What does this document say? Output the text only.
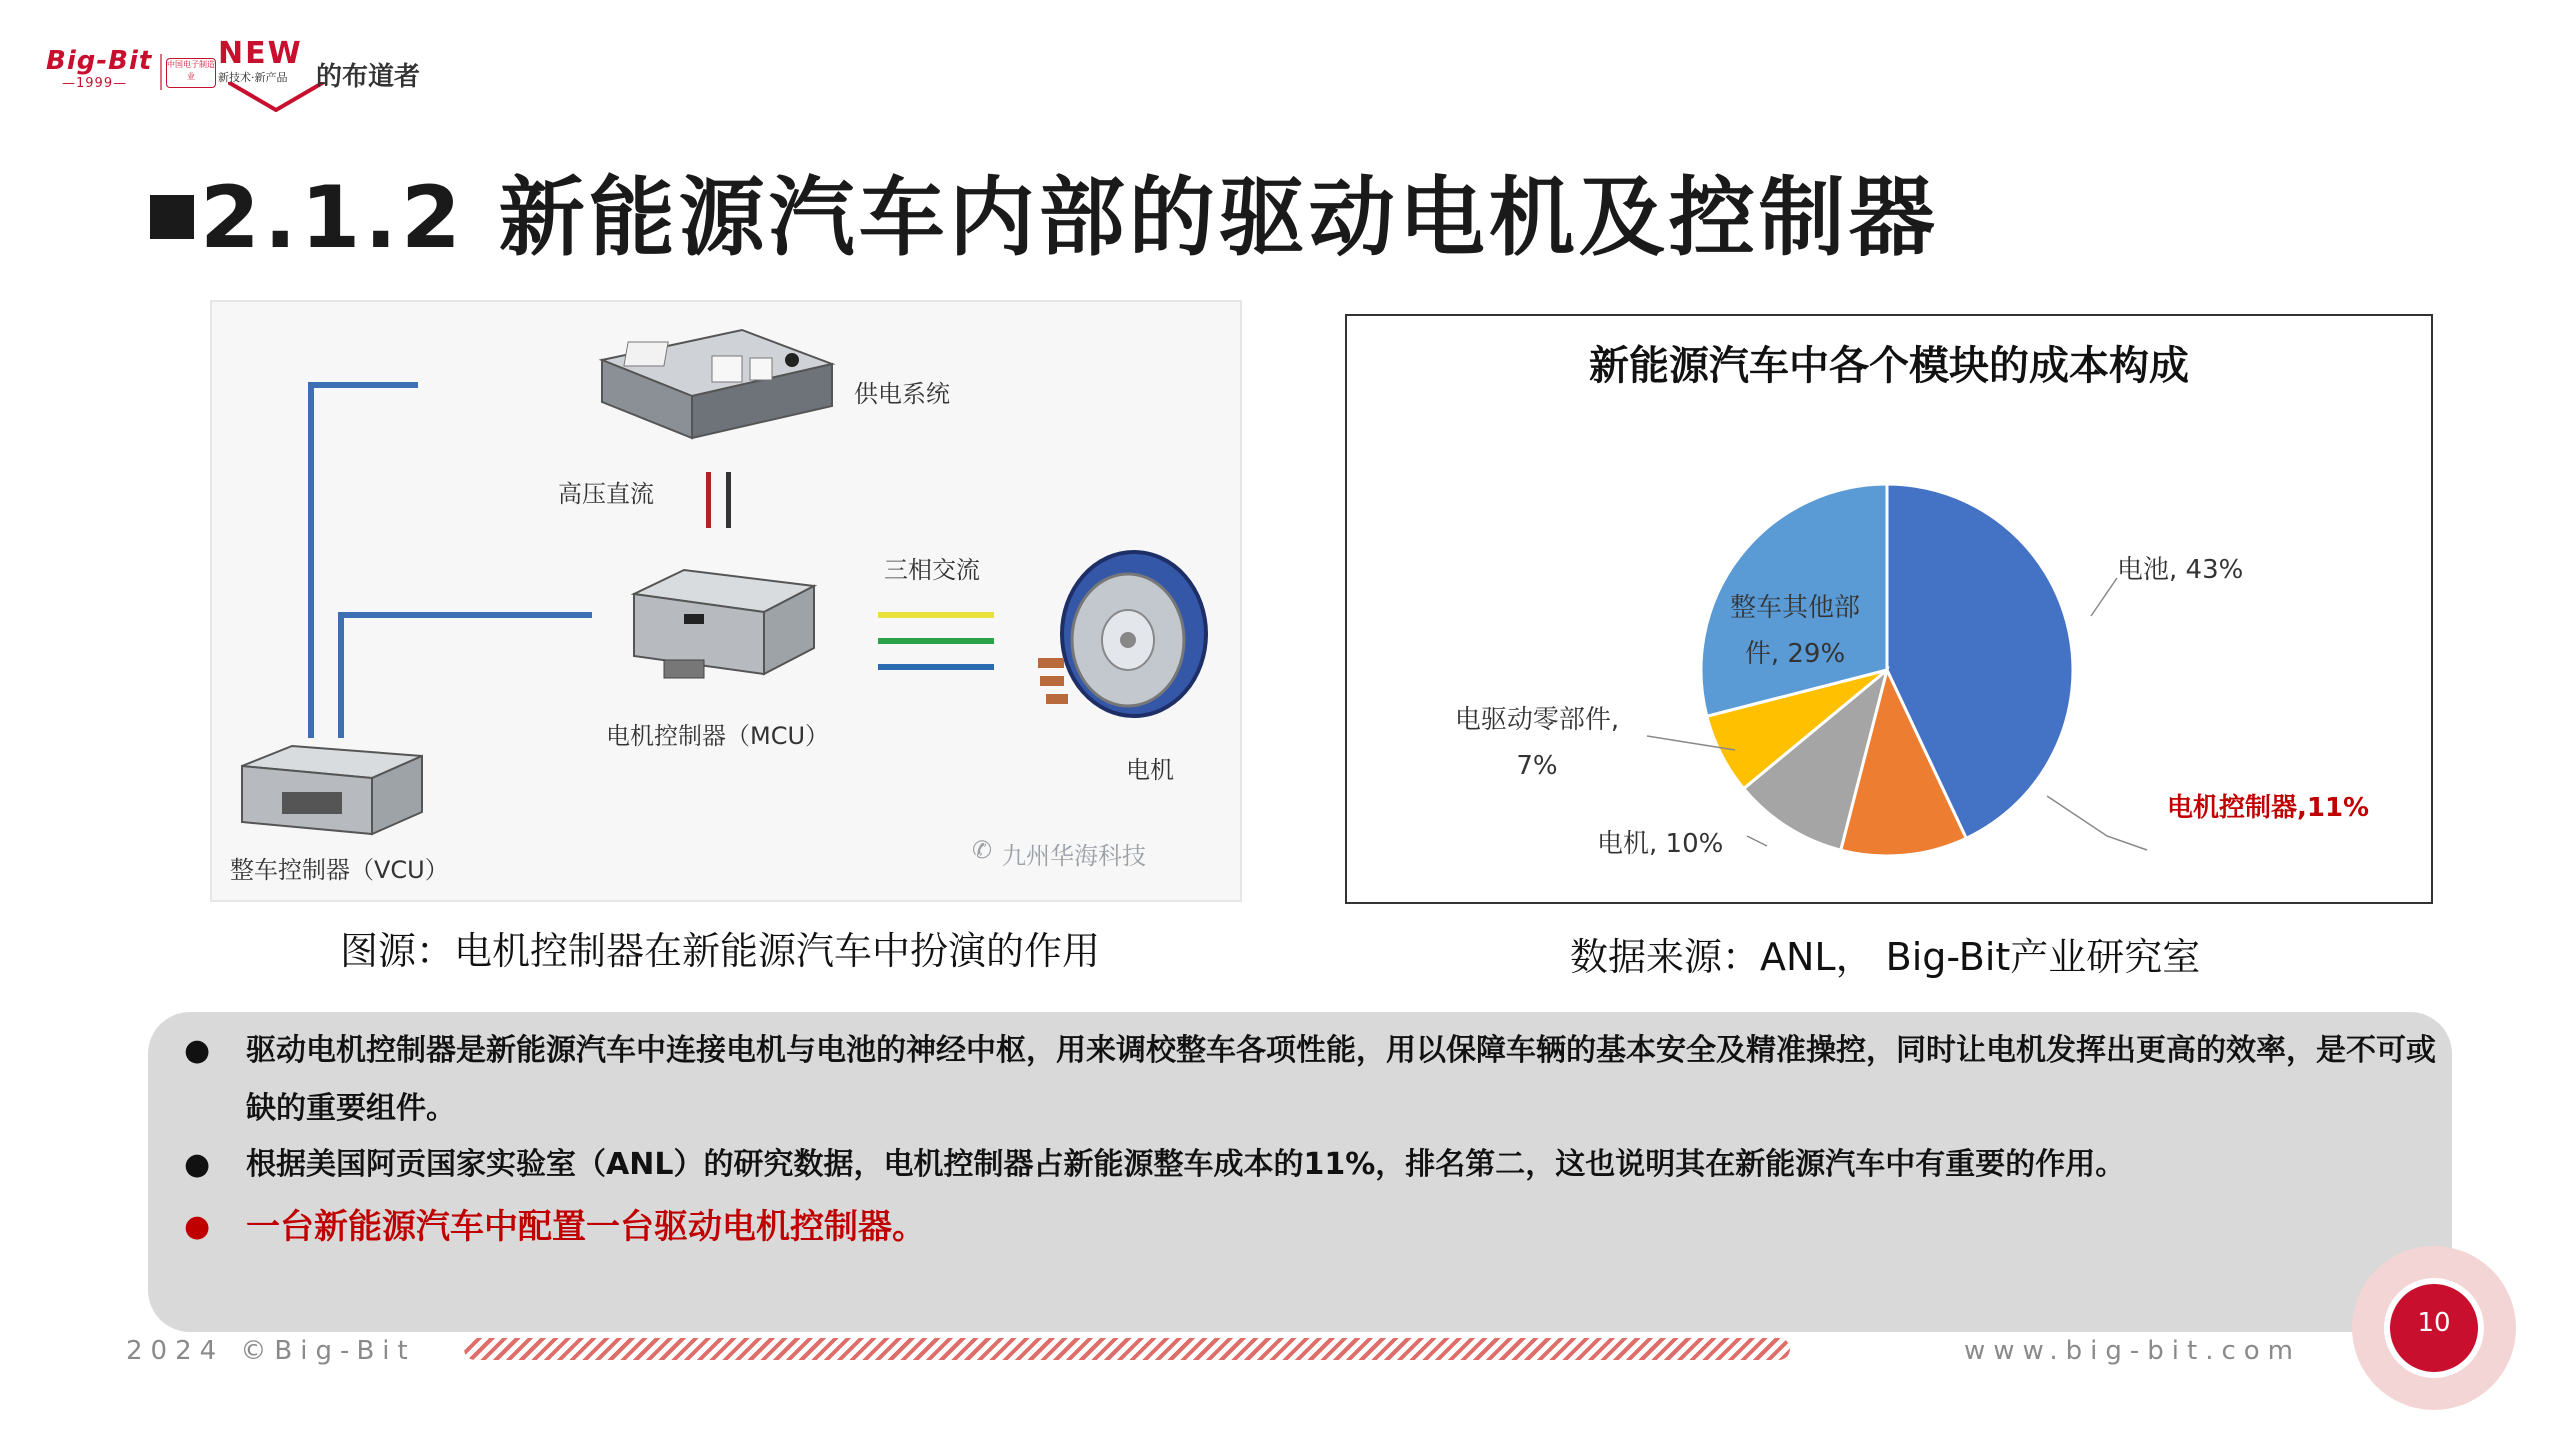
Big-Bit
—1999—
中国电子制造业
NEW
新技术·新产品	的布道者
2.1.2 新能源汽车内部的驱动电机及控制器
供电系统
高压直流
三相交流
电机控制器（MCU）
电机
整车控制器（VCU）	九州华海科技
✆
图源：电机控制器在新能源汽车中扮演的作用
新能源汽车中各个模块的成本构成
电池, 43%
电机控制器,11%
电机, 10%
电驱动零部件,
7%
整车其他部
件, 29%
数据来源：ANL， Big-Bit产业研究室
● 驱动电机控制器是新能源汽车中连接电机与电池的神经中枢，用来调校整车各项性能，用以保障车辆的基本安全及精准操控，同时让电机发挥出更高的效率，是不可或缺的重要组件。
● 根据美国阿贡国家实验室（ANL）的研究数据，电机控制器占新能源整车成本的11%，排名第二，这也说明其在新能源汽车中有重要的作用。
● 一台新能源汽车中配置一台驱动电机控制器。
2024 ©Big-Bit	www.big-bit.com
10
